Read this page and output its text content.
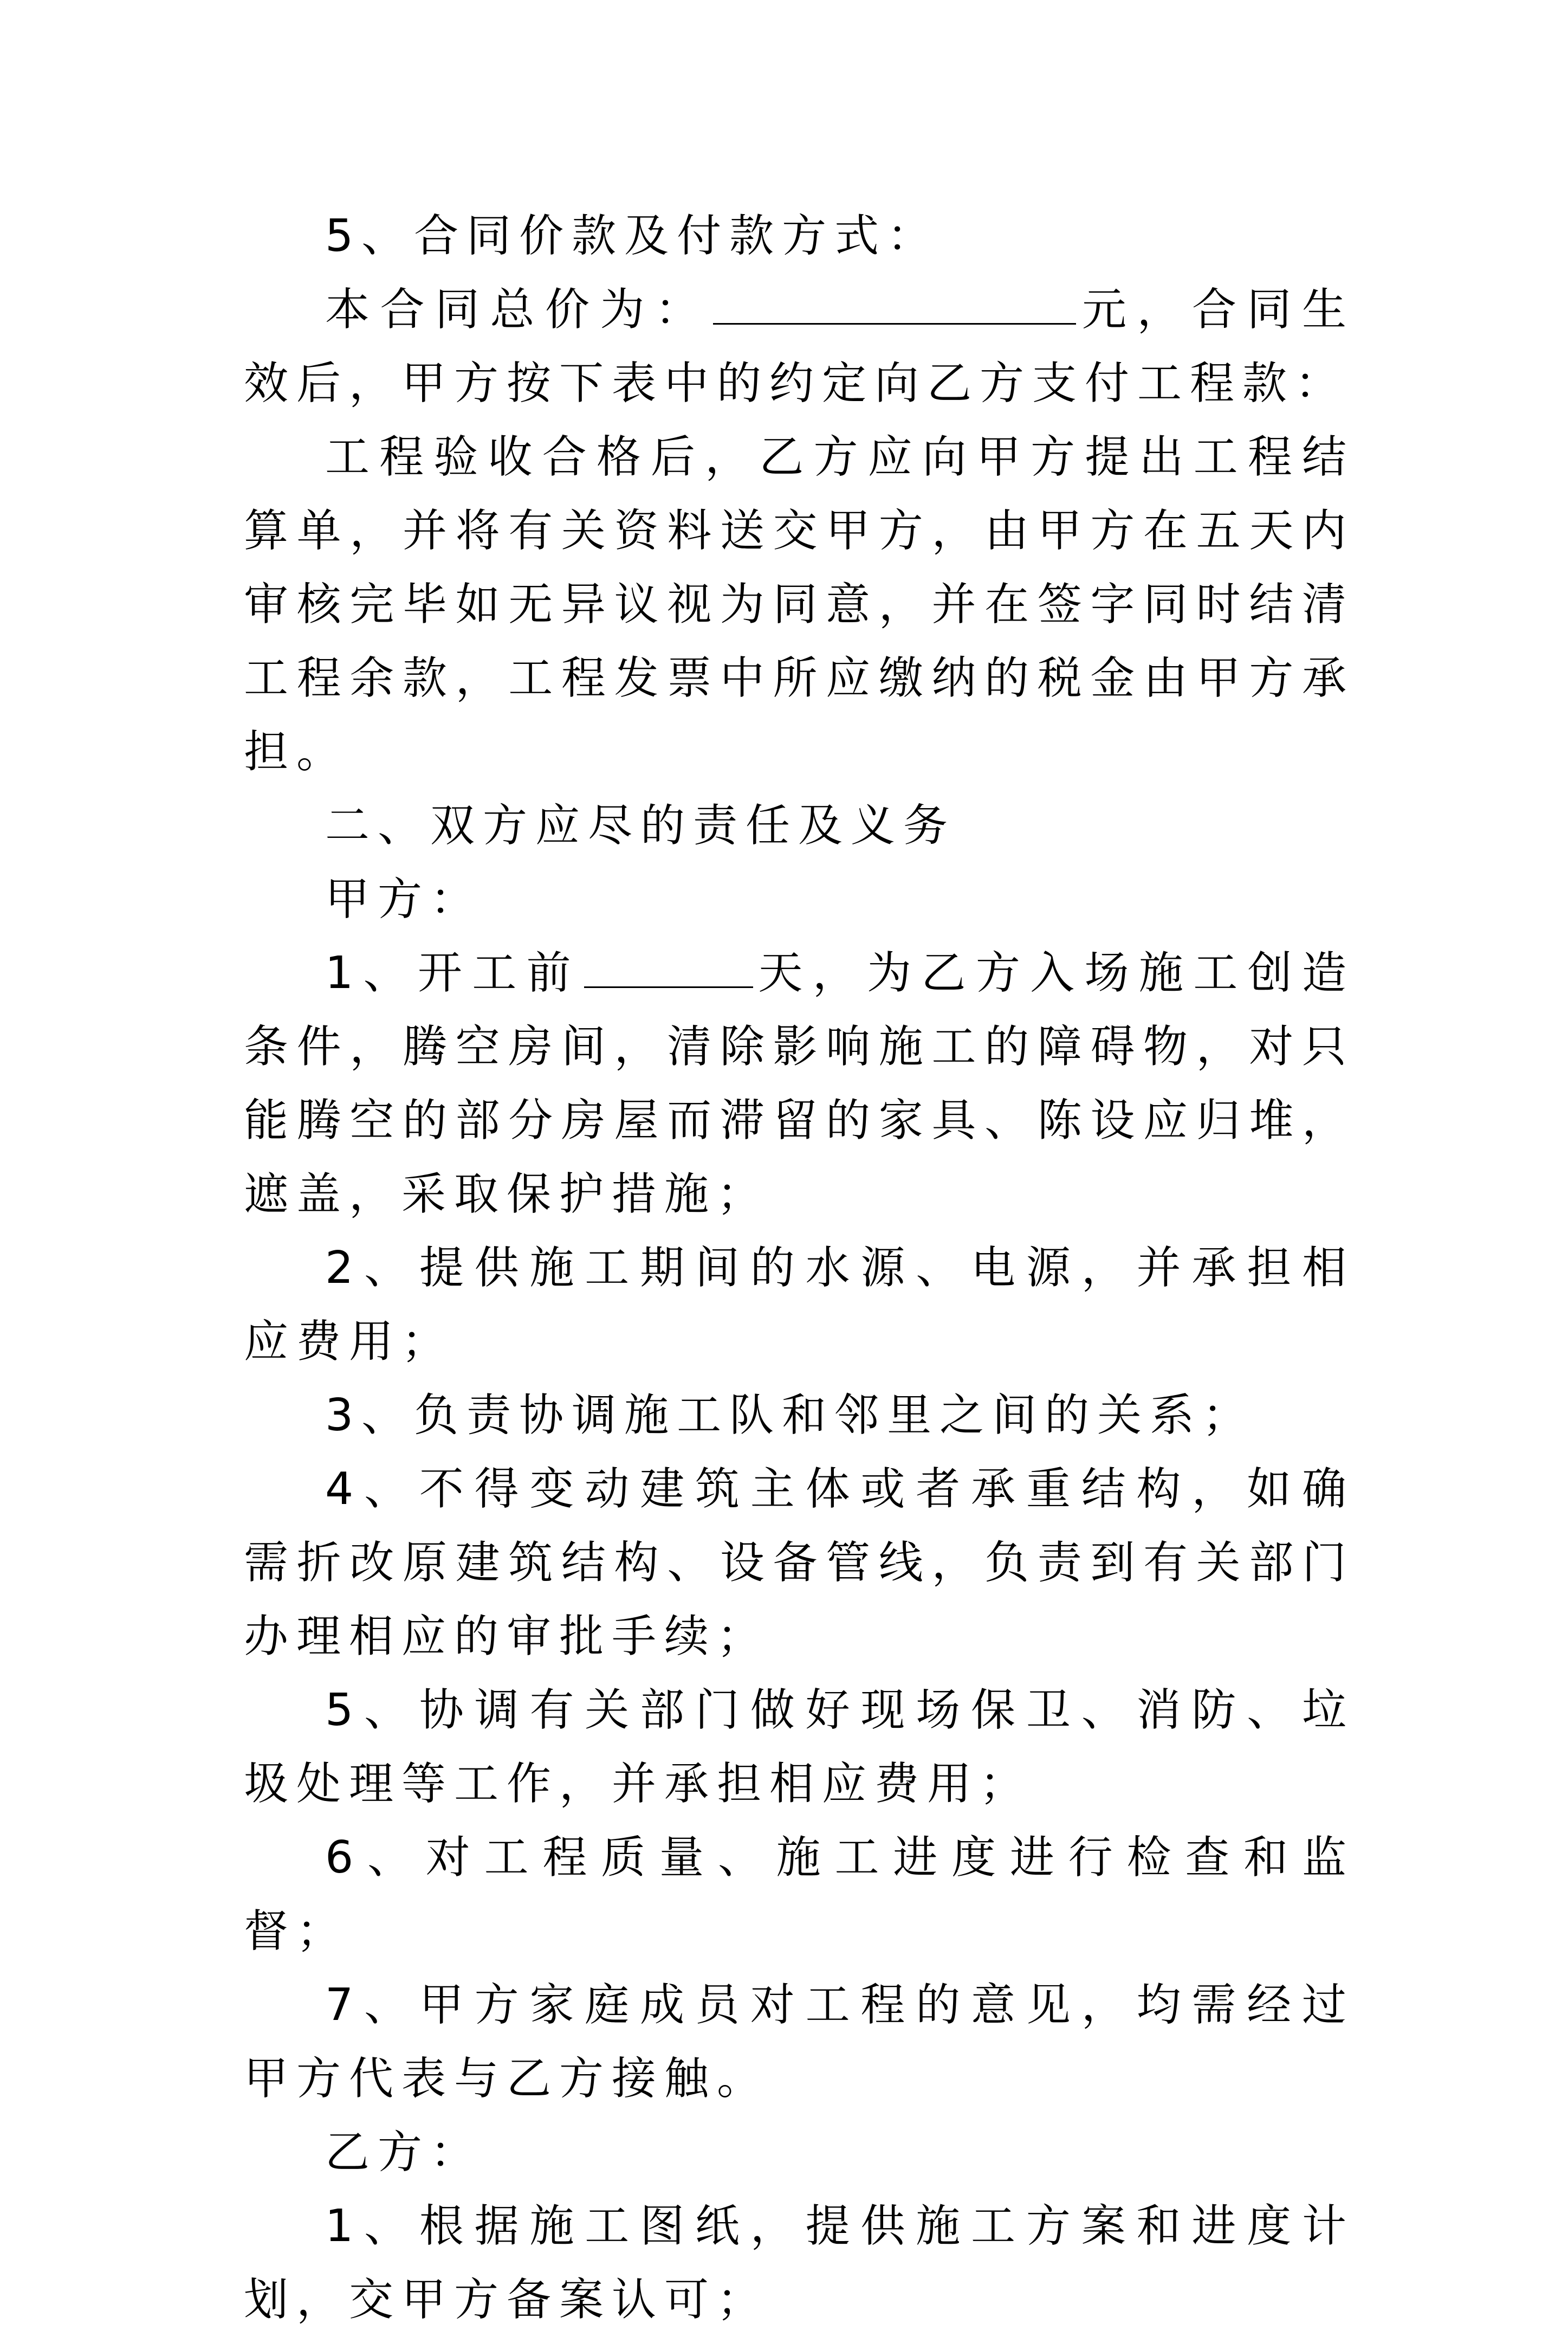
5、合同价款及付款方式：

本合同总价为：	元，合同生效后，甲方按下表中的约定向乙方支付工程款：

工程验收合格后，乙方应向甲方提出工程结算单，并将有关资料送交甲方，由甲方在五天内审核完毕如无异议视为同意，并在签字同时结清工程余款，工程发票中所应缴纳的税金由甲方承担。

二、双方应尽的责任及义务

甲方：

1、开工前	天，为乙方入场施工创造条件，腾空房间，清除影响施工的障碍物，对只能腾空的部分房屋而滞留的家具、陈设应归堆，遮盖，采取保护措施；

2、提供施工期间的水源、电源，并承担相应费用；

3、负责协调施工队和邻里之间的关系；

4、不得变动建筑主体或者承重结构，如确需折改原建筑结构、设备管线，负责到有关部门办理相应的审批手续；

5、协调有关部门做好现场保卫、消防、垃圾处理等工作，并承担相应费用；

6、对工程质量、施工进度进行检查和监督；

7、甲方家庭成员对工程的意见，均需经过甲方代表与乙方接触。

乙方：

1、根据施工图纸，提供施工方案和进度计划，交甲方备案认可；
